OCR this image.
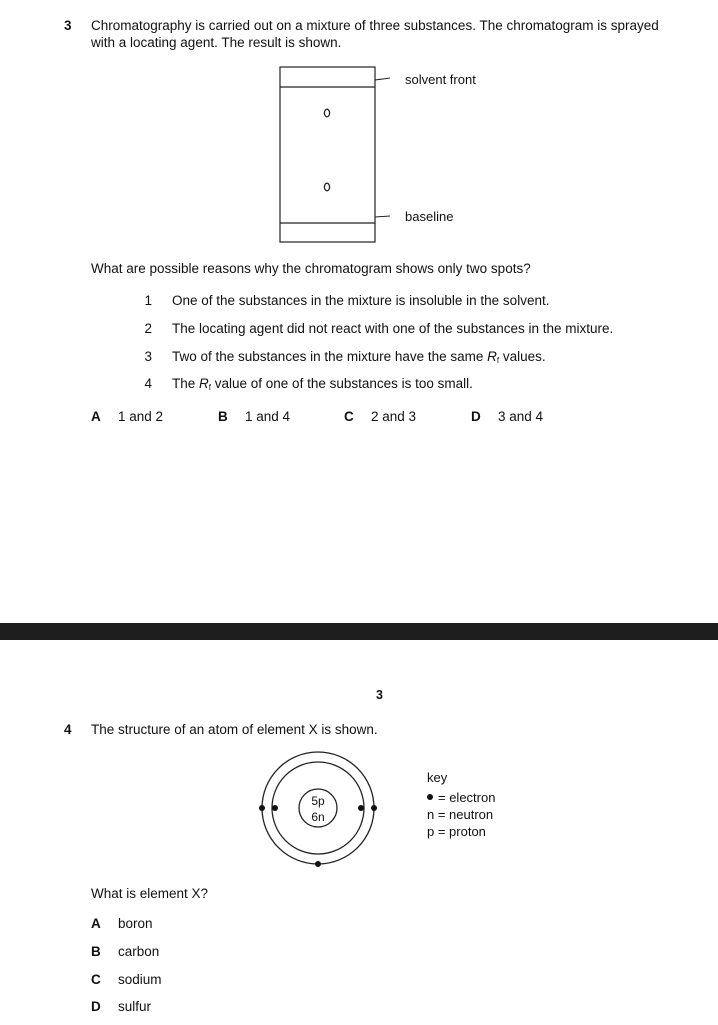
3 Chromatography is carried out on a mixture of three substances. The chromatogram is sprayed
with a locating agent. The result is shown.
solvent front
baseline
What are possible reasons why the chromatogram shows only two spots?
1 One of the substances in the mixture is insoluble in the solvent.
2 The locating agent did not react with one of the substances in the mixture.
3 Two of the substances in the mixture have the same $R_f$ values.
4 The $R_f$ value of one of the substances is too small.
A 1 and 2	B 1 and 4	C 2 and 3	D 3 and 4
3
4 The structure of an atom of element X is shown.
5p
6n
key
= electron
n = neutron
p = proton
What is element X?
A boron
B carbon
C sodium
D sulfur
